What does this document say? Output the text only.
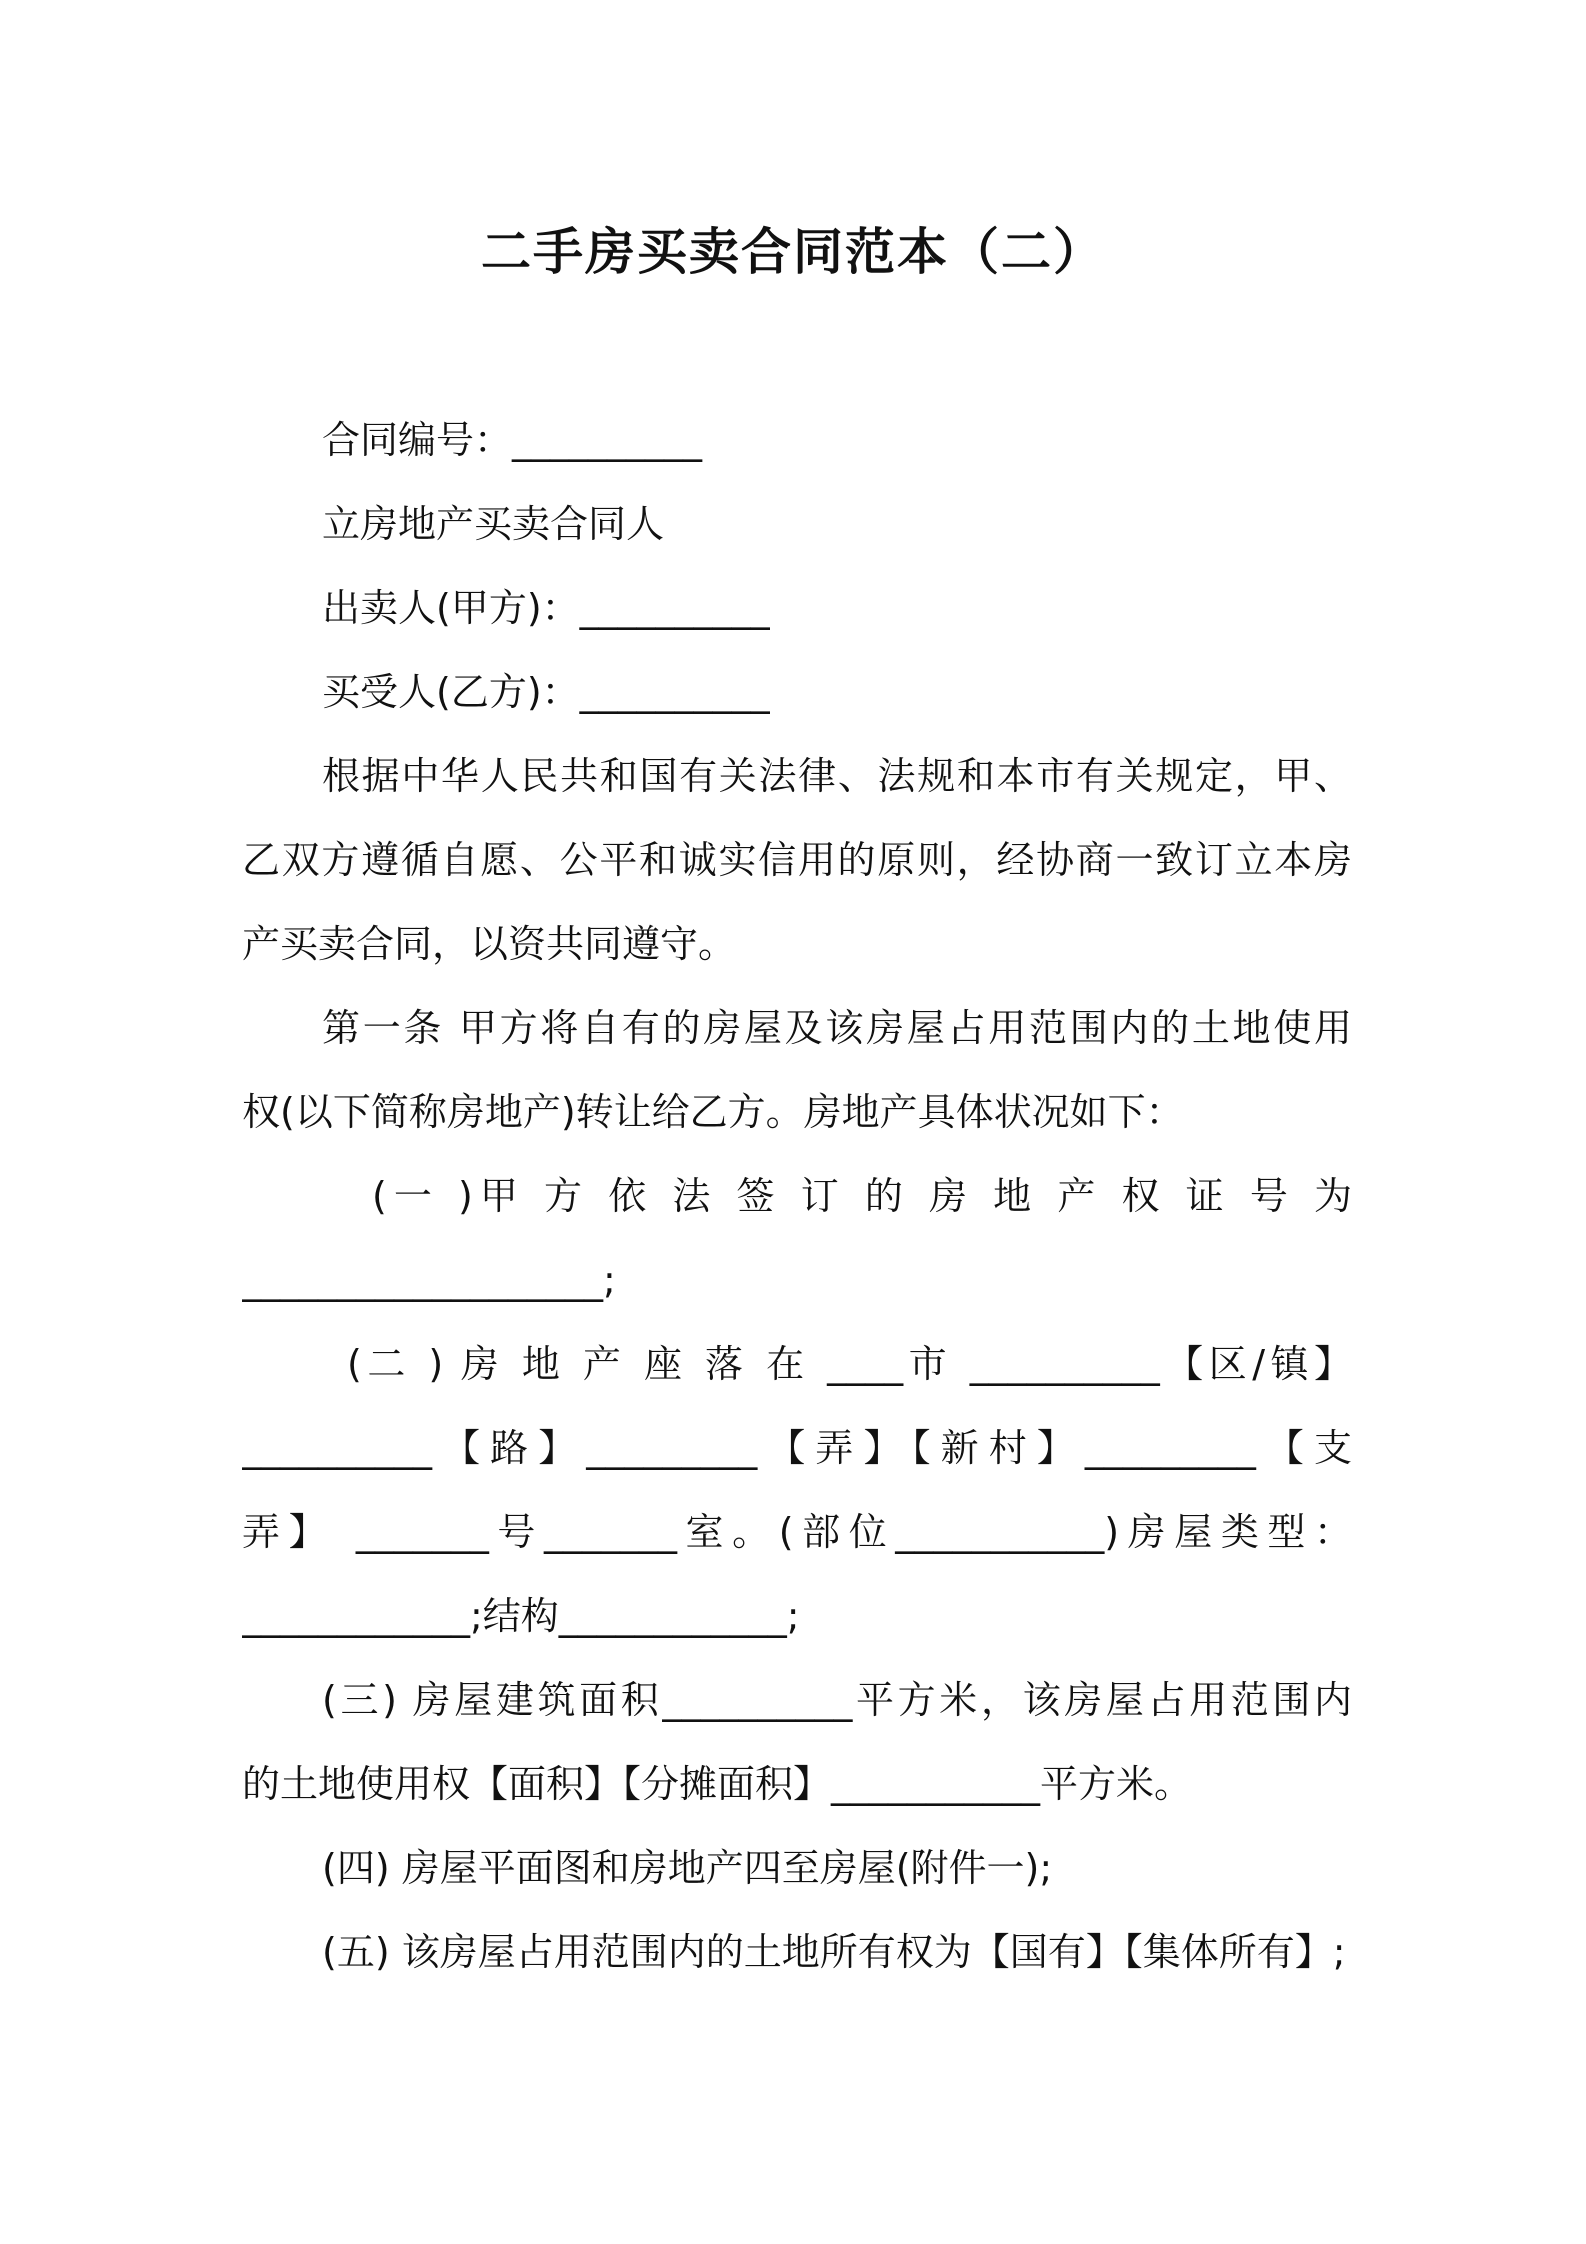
二手房买卖合同范本（二）
合同编号：__________
立房地产买卖合同人
出卖人(甲方)：__________
买受人(乙方)：__________
根据中华人民共和国有关法律、法规和本市有关规定，甲、
乙双方遵循自愿、公平和诚实信用的原则，经协商一致订立本房
产买卖合同，以资共同遵守。
第一条 甲方将自有的房屋及该房屋占用范围内的土地使用
权(以下简称房地产)转让给乙方。房地产具体状况如下：
(一 )甲 方 依 法 签 订 的 房 地 产 权 证 号 为
___________________;
(二 ) 房 地 产 座 落 在 ____市 __________【区/镇】
__________【路】_________【弄】【新村】_________【支
弄】 _______号_______室。(部位___________)房屋类型：
____________;结构____________;
(三) 房屋建筑面积__________平方米，该房屋占用范围内
的土地使用权【面积】【分摊面积】___________平方米。
(四) 房屋平面图和房地产四至房屋(附件一);
(五) 该房屋占用范围内的土地所有权为【国有】【集体所有】;
